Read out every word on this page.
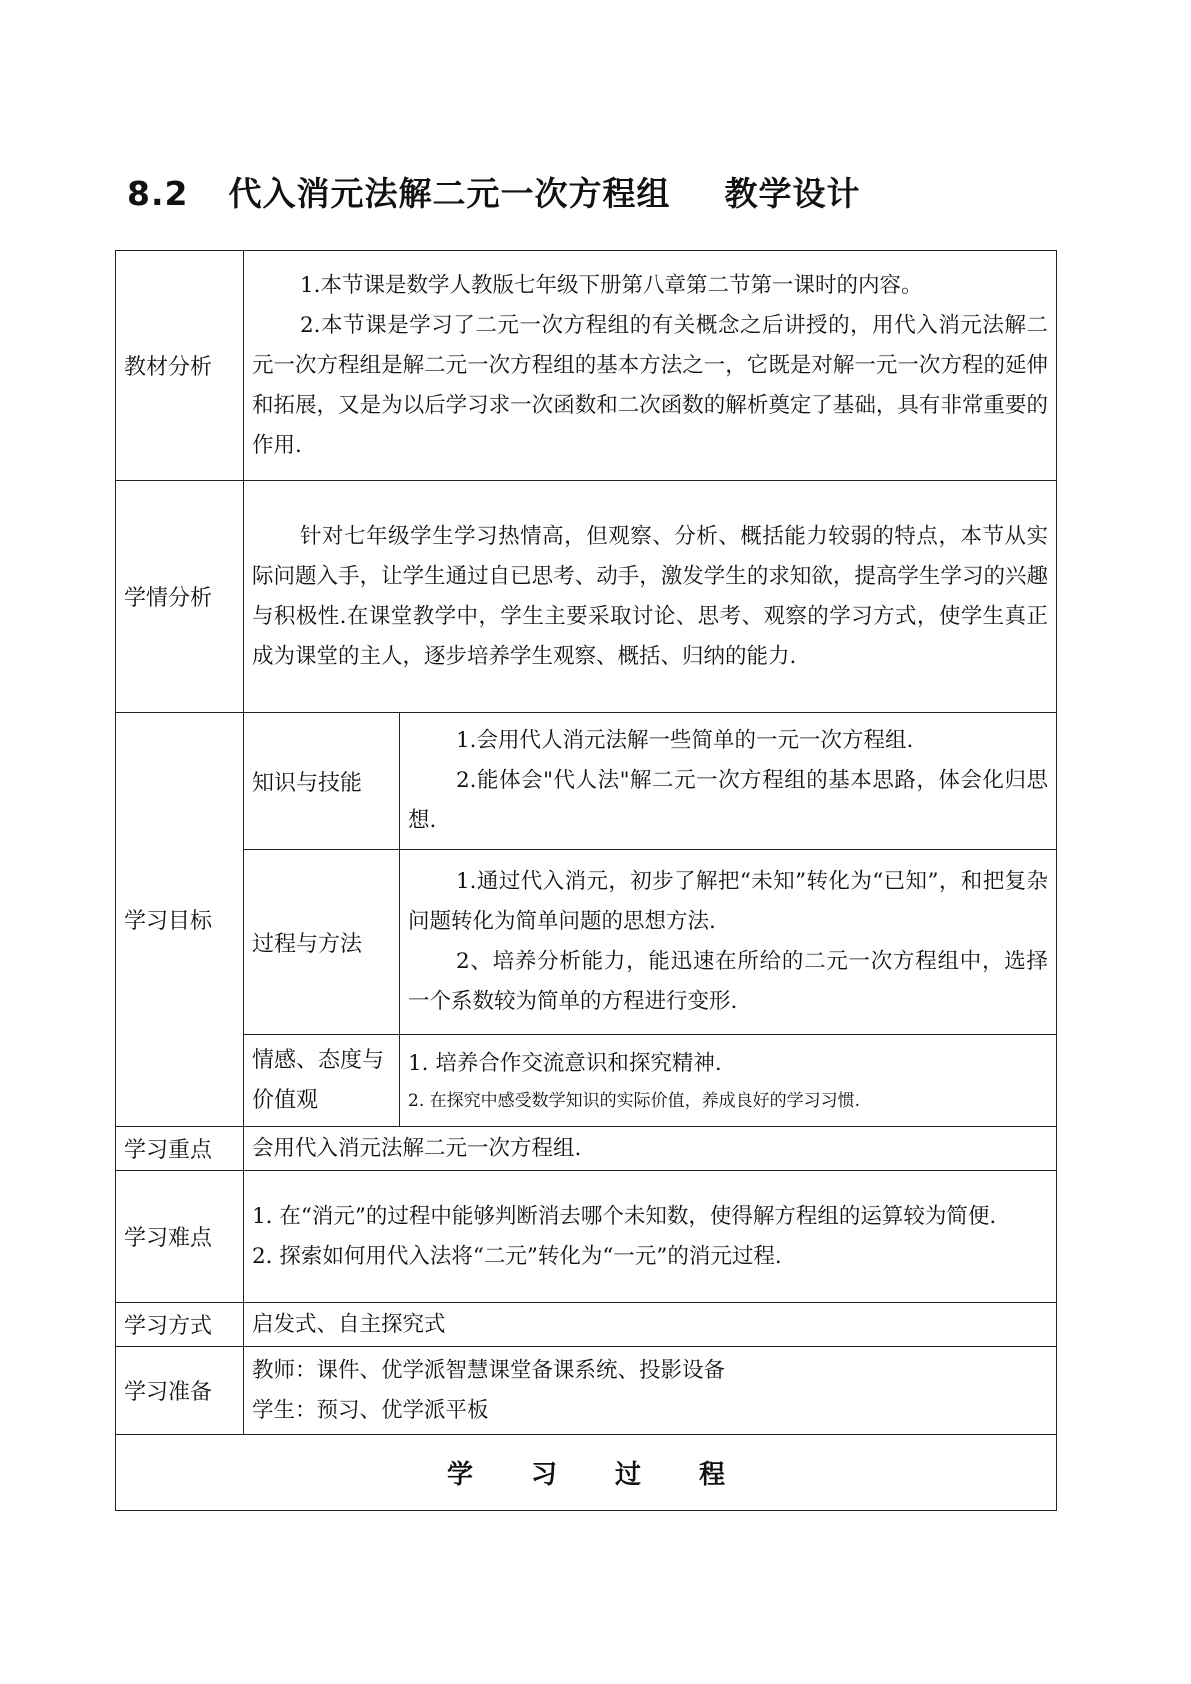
8.2 代入消元法解二元一次方程组 教学设计
教材分析	1.本节课是数学人教版七年级下册第八章第二节第一课时的内容。

2.本节课是学习了二元一次方程组的有关概念之后讲授的，用代入消元法解二元一次方程组是解二元一次方程组的基本方法之一，它既是对解一元一次方程的延伸和拓展，又是为以后学习求一次函数和二次函数的解析奠定了基础，具有非常重要的作用.	

学情分析	针对七年级学生学习热情高，但观察、分析、概括能力较弱的特点，本节从实际问题入手，让学生通过自已思考、动手，激发学生的求知欲，提高学生学习的兴趣与积极性.在课堂教学中，学生主要采取讨论、思考、观察的学习方式，使学生真正成为课堂的主人，逐步培养学生观察、概括、归纳的能力.	

学习目标	知识与技能	1.会用代人消元法解一些简单的一元一次方程组.

2.能体会"代人法"解二元一次方程组的基本思路，体会化归思想.

	过程与方法	1.通过代入消元，初步了解把“未知”转化为“已知”，和把复杂问题转化为简单问题的思想方法.

2、培养分析能力，能迅速在所给的二元一次方程组中，选择一个系数较为简单的方程进行变形.

	情感、态度与价值观	1. 培养合作交流意识和探究精神.

2. 在探究中感受数学知识的实际价值，养成良好的学习习惯.

学习重点	会用代入消元法解二元一次方程组.	

学习难点	1. 在“消元”的过程中能够判断消去哪个未知数，使得解方程组的运算较为简便.

2. 探索如何用代入法将“二元”转化为“一元”的消元过程.	

学习方式	启发式、自主探究式	

学习准备	教师：课件、优学派智慧课堂备课系统、投影设备

学生：预习、优学派平板	

学习过程		
